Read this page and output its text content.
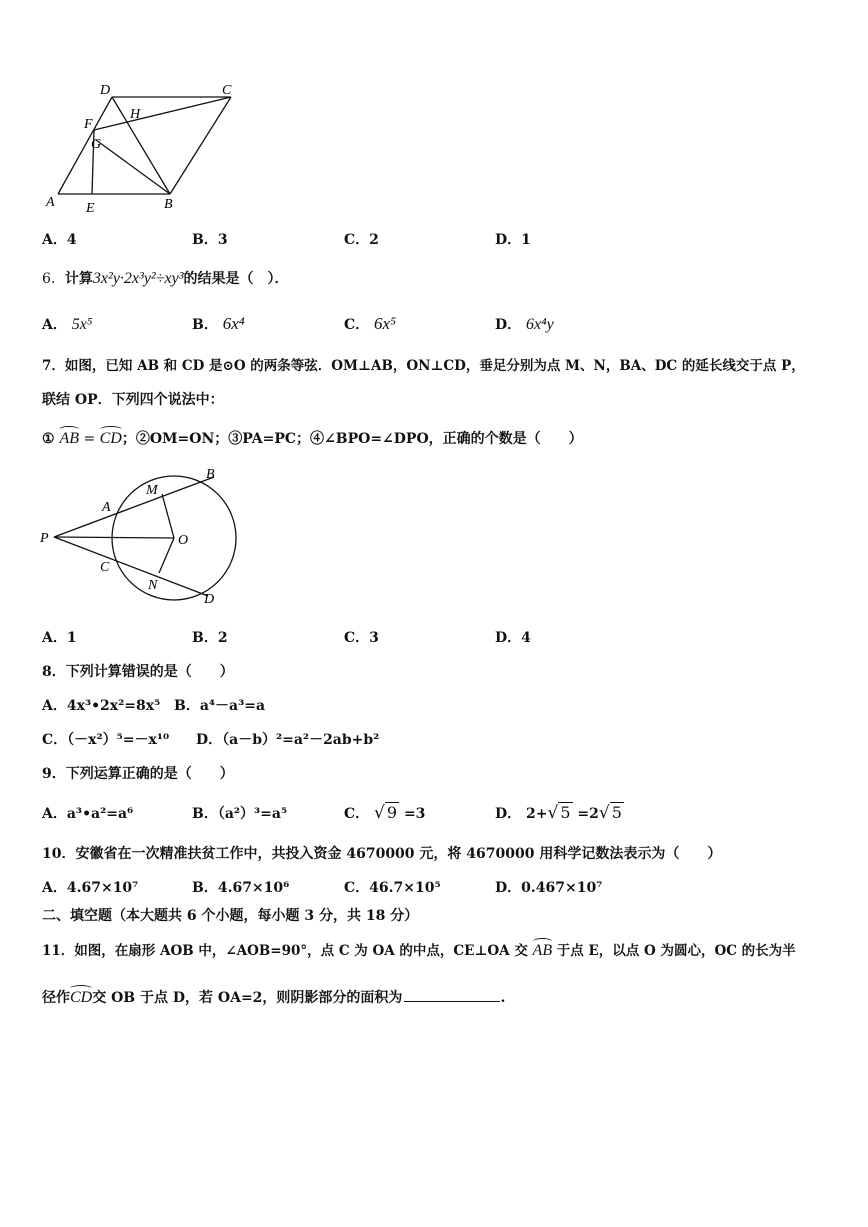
D	C
H
F
G
A E	B
A．4	B．3	C．2	D．1
6．计算3x²y·2x³y²÷xy³的结果是（　）．
A． 5x⁵	B． 6x⁴	C． 6x⁵	D． 6x⁴y
7．如图，已知 AB 和 CD 是⊙O 的两条等弦．OM⊥AB，ON⊥CD，垂足分别为点 M、N，BA、DC 的延长线交于点 P，
联结 OP．下列四个说法中：
① AB = CD；②OM=ON；③PA=PC；④∠BPO=∠DPO，正确的个数是（　　）
B
M
A
P	O
C
N
D
A．1	B．2	C．3	D．4
8．下列计算错误的是（　　）
A．4x³•2x²=8x⁵ B．a⁴－a³=a
C．（－x²）⁵=－x¹⁰ D．（a－b）²=a²－2ab+b²
9．下列运算正确的是（　　）
A．a³•a²=a⁶	B．（a²）³=a⁵	C． √ 9 =3	D． 2+√ 5 =2√ 5
10．安徽省在一次精准扶贫工作中，共投入资金 4670000 元，将 4670000 用科学记数法表示为（　　）
A．4.67×10⁷	B．4.67×10⁶	C．46.7×10⁵	D．0.467×10⁷
二、填空题（本大题共 6 个小题，每小题 3 分，共 18 分）
11．如图，在扇形 AOB 中，∠AOB=90°，点 C 为 OA 的中点，CE⊥OA 交 AB 于点 E，以点 O 为圆心，OC 的长为半
径作CD交 OB 于点 D，若 OA=2，则阴影部分的面积为	.
